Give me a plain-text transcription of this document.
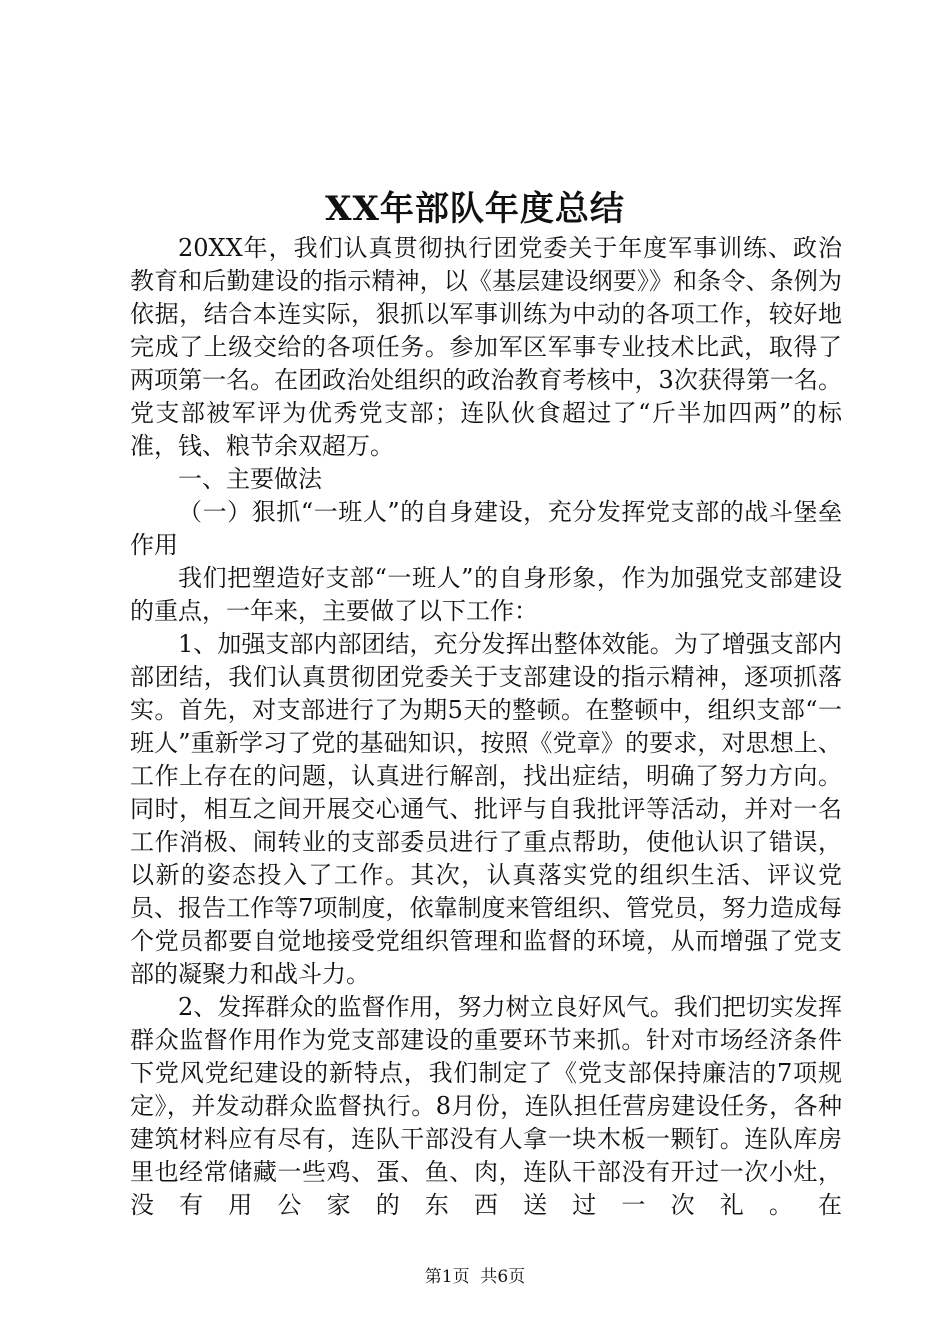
XX年部队年度总结

20XX年，我们认真贯彻执行团党委关于年度军事训练、政治教育和后勤建设的指示精神，以《基层建设纲要》》和条令、条例为依据，结合本连实际，狠抓以军事训练为中动的各项工作，较好地完成了上级交给的各项任务。参加军区军事专业技术比武，取得了两项第一名。在团政治处组织的政治教育考核中，3次获得第一名。党支部被军评为优秀党支部；连队伙食超过了“斤半加四两”的标准，钱、粮节余双超万。

一、主要做法

（一）狠抓“一班人”的自身建设，充分发挥党支部的战斗堡垒作用

我们把塑造好支部“一班人”的自身形象，作为加强党支部建设的重点，一年来，主要做了以下工作：

1、加强支部内部团结，充分发挥出整体效能。为了增强支部内部团结，我们认真贯彻团党委关于支部建设的指示精神，逐项抓落实。首先，对支部进行了为期5天的整顿。在整顿中，组织支部“一班人”重新学习了党的基础知识，按照《党章》的要求，对思想上、工作上存在的问题，认真进行解剖，找出症结，明确了努力方向。同时，相互之间开展交心通气、批评与自我批评等活动，并对一名工作消极、闹转业的支部委员进行了重点帮助，使他认识了错误，以新的姿态投入了工作。其次，认真落实党的组织生活、评议党员、报告工作等7项制度，依靠制度来管组织、管党员，努力造成每个党员都要自觉地接受党组织管理和监督的环境，从而增强了党支部的凝聚力和战斗力。

2、发挥群众的监督作用，努力树立良好风气。我们把切实发挥群众监督作用作为党支部建设的重要环节来抓。针对市场经济条件下党风党纪建设的新特点，我们制定了《党支部保持廉洁的7项规定》，并发动群众监督执行。8月份，连队担任营房建设任务，各种建筑材料应有尽有，连队干部没有人拿一块木板一颗钉。连队库房里也经常储藏一些鸡、蛋、鱼、肉，连队干部没有开过一次小灶，没有用公家的东西送过一次礼。在

第1页 共6页
